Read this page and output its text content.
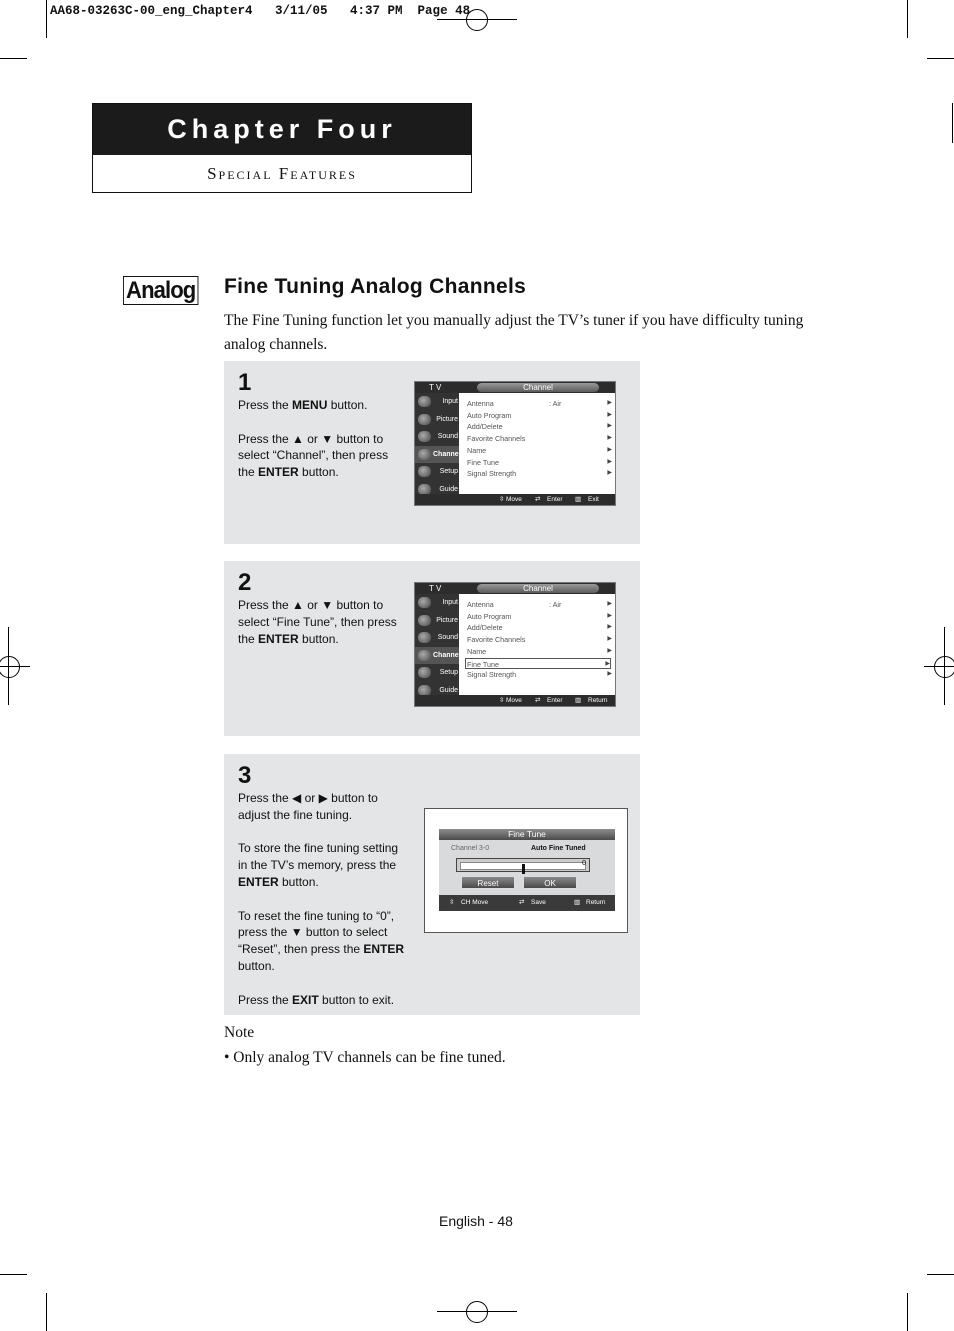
AA68-03263C-00_eng_Chapter4   3/11/05   4:37 PM  Page 48
Chapter Four
Special Features
Analog Fine Tuning Analog Channels
The Fine Tuning function let you manually adjust the TV’s tuner if you have difficulty tuning analog channels.
1

Press the MENU button.

Press the ▲ or ▼ button to select “Channel”, then press the ENTER button.

2

Press the ▲ or ▼ button to select “Fine Tune”, then press the ENTER button.

3

Press the ◀ or ▶ button to adjust the fine tuning.

To store the fine tuning setting in the TV’s memory, press the ENTER button.

To reset the fine tuning to “0”, press the ▼ button to select “Reset”, then press the ENTER button.

Press the EXIT button to exit.

T V	Channel
Input
Picture
Sound
Channel
Setup
Guide
Antenna	: Air	▶
Auto Program	▶
Add/Delete	▶
Favorite Channels	▶
Name	▶
Fine Tune	▶
Signal Strength	▶
⇳ Move ⇄ Enter ▥ Exit
T V	Channel
Input
Picture
Sound
Channel
Setup
Guide
Antenna	: Air	▶
Auto Program	▶
Add/Delete	▶
Favorite Channels	▶
Name	▶
Fine Tune	▶
Signal Strength	▶
⇳ Move ⇄ Enter ▥ Return
Fine Tune
Channel 3-0	Auto Fine Tuned
0
Reset	OK
⇳ CH Move	⇄ Save	▥ Return
Note
• Only analog TV channels can be fine tuned.
English - 48
